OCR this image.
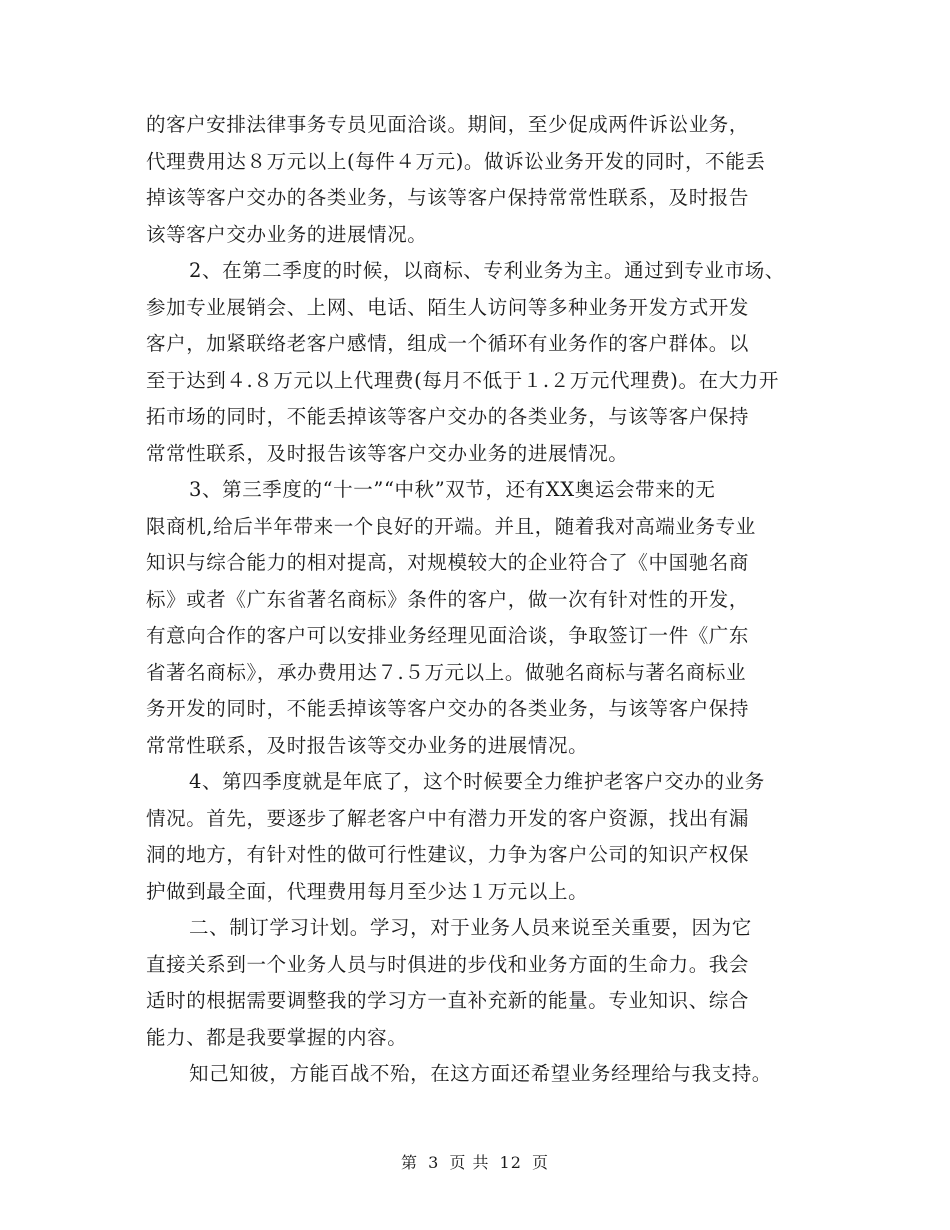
的客户安排法律事务专员见面洽谈。期间，至少促成两件诉讼业务，
代理费用达８万元以上(每件４万元)。做诉讼业务开发的同时，不能丢
掉该等客户交办的各类业务，与该等客户保持常常性联系，及时报告
该等客户交办业务的进展情况。
2、在第二季度的时候，以商标、专利业务为主。通过到专业市场、
参加专业展销会、上网、电话、陌生人访问等多种业务开发方式开发
客户，加紧联络老客户感情，组成一个循环有业务作的客户群体。以
至于达到４.８万元以上代理费(每月不低于１.２万元代理费)。在大力开
拓市场的同时，不能丢掉该等客户交办的各类业务，与该等客户保持
常常性联系，及时报告该等客户交办业务的进展情况。
3、第三季度的“十一”“中秋”双节，还有XX奥运会带来的无
限商机,给后半年带来一个良好的开端。并且，随着我对高端业务专业
知识与综合能力的相对提高，对规模较大的企业符合了《中国驰名商
标》或者《广东省著名商标》条件的客户，做一次有针对性的开发，
有意向合作的客户可以安排业务经理见面洽谈，争取签订一件《广东
省著名商标》，承办费用达７.５万元以上。做驰名商标与著名商标业
务开发的同时，不能丢掉该等客户交办的各类业务，与该等客户保持
常常性联系，及时报告该等交办业务的进展情况。
4、第四季度就是年底了，这个时候要全力维护老客户交办的业务
情况。首先，要逐步了解老客户中有潜力开发的客户资源，找出有漏
洞的地方，有针对性的做可行性建议，力争为客户公司的知识产权保
护做到最全面，代理费用每月至少达１万元以上。
二、制订学习计划。学习，对于业务人员来说至关重要，因为它
直接关系到一个业务人员与时俱进的步伐和业务方面的生命力。我会
适时的根据需要调整我的学习方一直补充新的能量。专业知识、综合
能力、都是我要掌握的内容。
知己知彼，方能百战不殆，在这方面还希望业务经理给与我支持。
第 3 页 共 12 页
